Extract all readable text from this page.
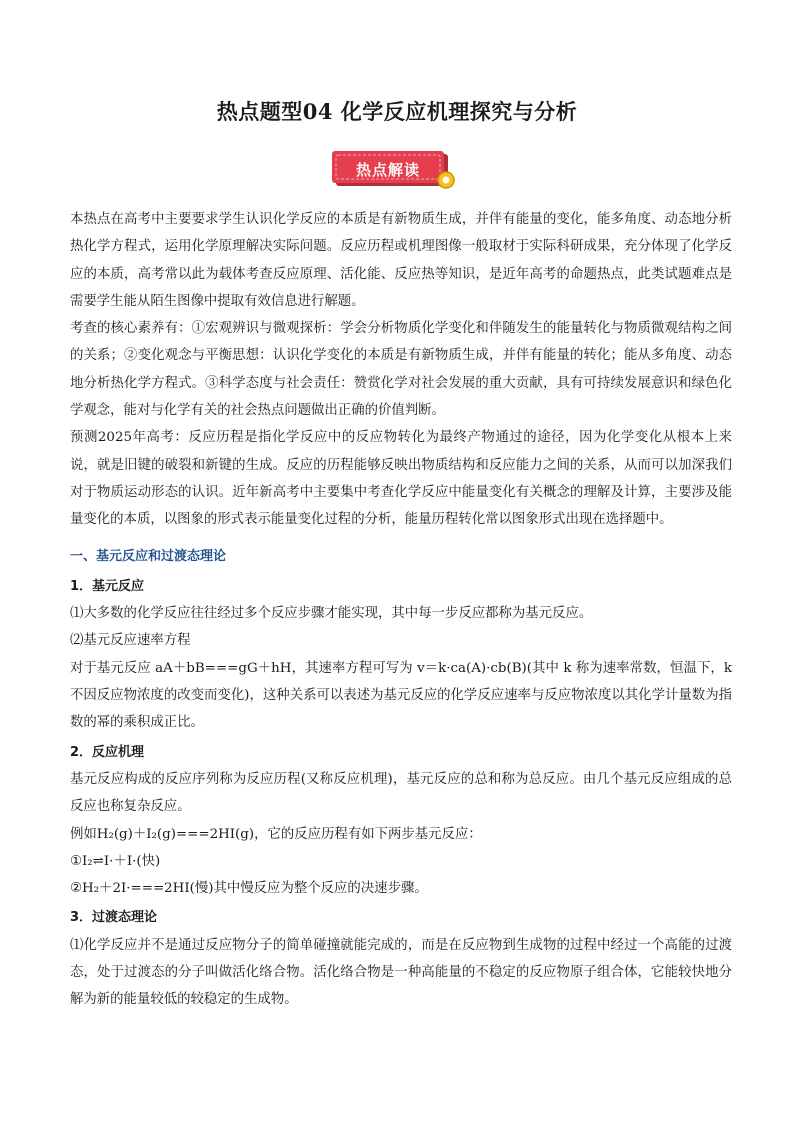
热点题型04 化学反应机理探究与分析
热点解读

本热点在高考中主要要求学生认识化学反应的本质是有新物质生成，并伴有能量的变化，能多角度、动态地分析热化学方程式，运用化学原理解决实际问题。反应历程或机理图像一般取材于实际科研成果，充分体现了化学反应的本质，高考常以此为载体考查反应原理、活化能、反应热等知识，是近年高考的命题热点，此类试题难点是需要学生能从陌生图像中提取有效信息进行解题。

考查的核心素养有：①宏观辨识与微观探析：学会分析物质化学变化和伴随发生的能量转化与物质微观结构之间的关系；②变化观念与平衡思想：认识化学变化的本质是有新物质生成，并伴有能量的转化；能从多角度、动态地分析热化学方程式。③科学态度与社会责任：赞赏化学对社会发展的重大贡献，具有可持续发展意识和绿色化学观念，能对与化学有关的社会热点问题做出正确的价值判断。

预测2025年高考：反应历程是指化学反应中的反应物转化为最终产物通过的途径，因为化学变化从根本上来说，就是旧键的破裂和新键的生成。反应的历程能够反映出物质结构和反应能力之间的关系，从而可以加深我们对于物质运动形态的认识。近年新高考中主要集中考查化学反应中能量变化有关概念的理解及计算，主要涉及能量变化的本质，以图象的形式表示能量变化过程的分析，能量历程转化常以图象形式出现在选择题中。

一、基元反应和过渡态理论

1．基元反应

⑴大多数的化学反应往往经过多个反应步骤才能实现，其中每一步反应都称为基元反应。

⑵基元反应速率方程

对于基元反应 aA＋bB===gG＋hH，其速率方程可写为 v＝k·ca(A)·cb(B)(其中 k 称为速率常数，恒温下，k 不因反应物浓度的改变而变化)，这种关系可以表述为基元反应的化学反应速率与反应物浓度以其化学计量数为指数的幂的乘积成正比。

2．反应机理

基元反应构成的反应序列称为反应历程(又称反应机理)，基元反应的总和称为总反应。由几个基元反应组成的总反应也称复杂反应。

例如H₂(g)＋I₂(g)===2HI(g)，它的反应历程有如下两步基元反应：

①I₂⇌I·＋I·(快)

②H₂＋2I·===2HI(慢)其中慢反应为整个反应的决速步骤。

3．过渡态理论

⑴化学反应并不是通过反应物分子的简单碰撞就能完成的，而是在反应物到生成物的过程中经过一个高能的过渡态，处于过渡态的分子叫做活化络合物。活化络合物是一种高能量的不稳定的反应物原子组合体，它能较快地分解为新的能量较低的较稳定的生成物。
